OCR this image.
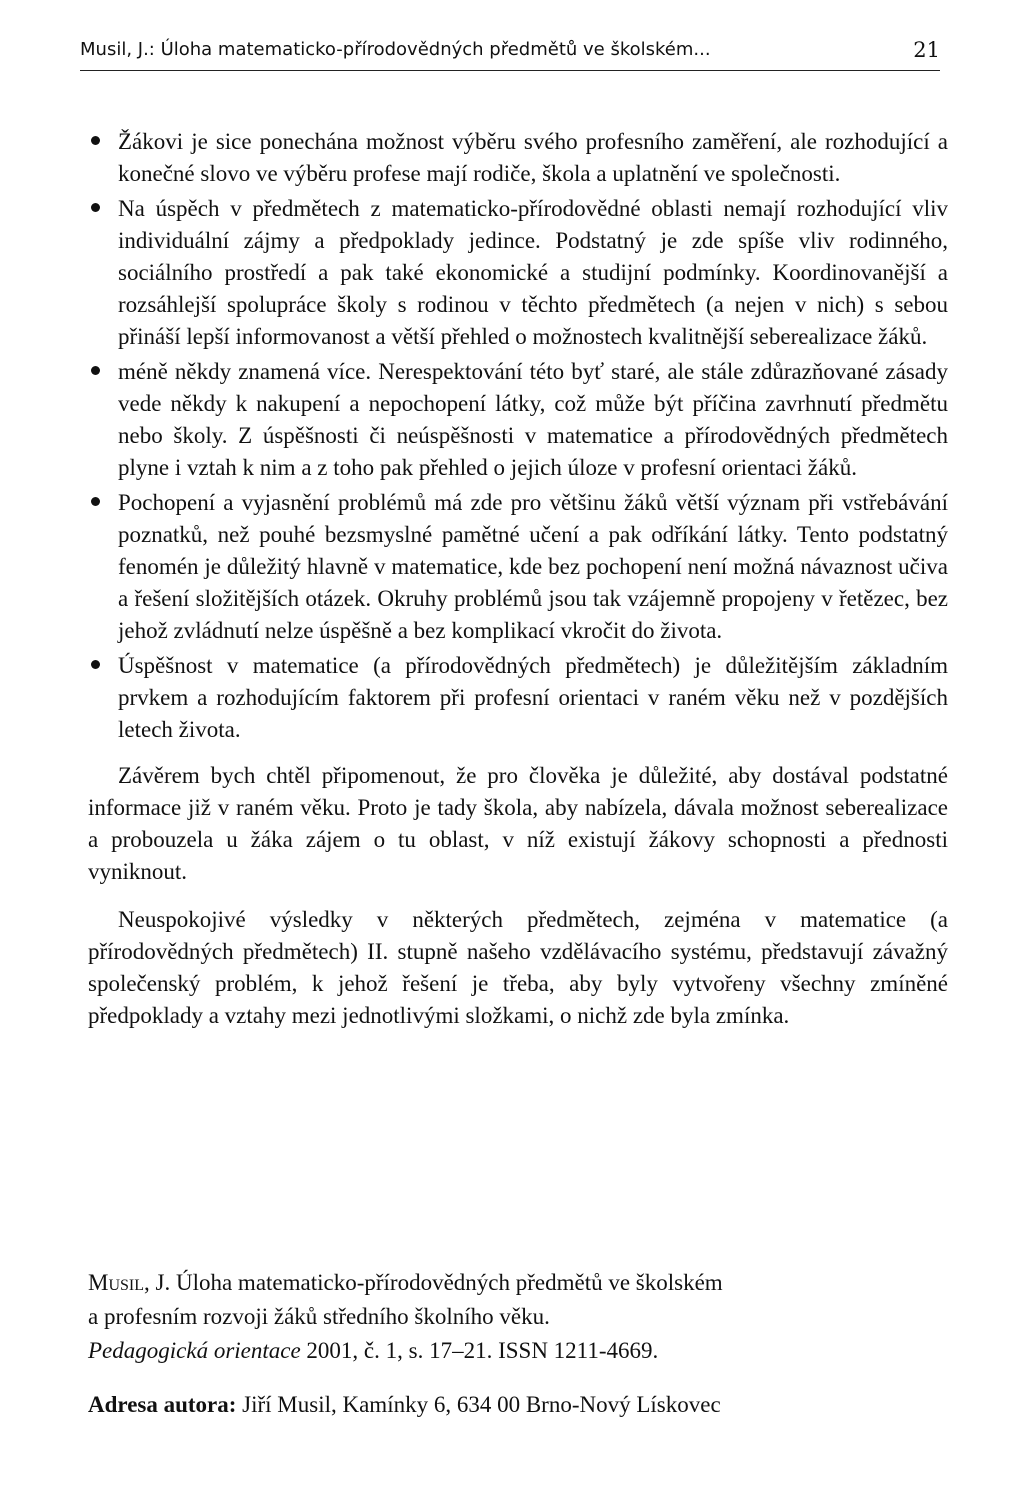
Musil, J.: Úloha matematicko-přírodovědných předmětů ve školském...	21
Žákovi je sice ponechána možnost výběru svého profesního zaměření, ale rozhodující a konečné slovo ve výběru profese mají rodiče, škola a uplatnění ve společnosti.
Na úspěch v předmětech z matematicko-přírodovědné oblasti nemají rozhodující vliv individuální zájmy a předpoklady jedince. Podstatný je zde spíše vliv rodinného, sociálního prostředí a pak také ekonomické a studijní podmínky. Koordinovanější a rozsáhlejší spolupráce školy s rodinou v těchto předmětech (a nejen v nich) s sebou přináší lepší informovanost a větší přehled o možnostech kvalitnější seberealizace žáků.
méně někdy znamená více. Nerespektování této byť staré, ale stále zdůrazňované zásady vede někdy k nakupení a nepochopení látky, což může být příčina zavrhnutí předmětu nebo školy. Z úspěšnosti či neúspěšnosti v matematice a přírodovědných předmětech plyne i vztah k nim a z toho pak přehled o jejich úloze v profesní orientaci žáků.
Pochopení a vyjasnění problémů má zde pro většinu žáků větší význam při vstřebávání poznatků, než pouhé bezsmyslné pamětné učení a pak odříkání látky. Tento podstatný fenomén je důležitý hlavně v matematice, kde bez pochopení není možná návaznost učiva a řešení složitějších otázek. Okruhy problémů jsou tak vzájemně propojeny v řetězec, bez jehož zvládnutí nelze úspěšně a bez komplikací vkročit do života.
Úspěšnost v matematice (a přírodovědných předmětech) je důležitějším základním prvkem a rozhodujícím faktorem při profesní orientaci v raném věku než v pozdějších letech života.

Závěrem bych chtěl připomenout, že pro člověka je důležité, aby dostával podstatné informace již v raném věku. Proto je tady škola, aby nabízela, dávala možnost seberealizace a probouzela u žáka zájem o tu oblast, v níž existují žákovy schopnosti a přednosti vyniknout.

Neuspokojivé výsledky v některých předmětech, zejména v matematice (a přírodovědných předmětech) II. stupně našeho vzdělávacího systému, představují závažný společenský problém, k jehož řešení je třeba, aby byly vytvořeny všechny zmíněné předpoklady a vztahy mezi jednotlivými složkami, o nichž zde byla zmínka.

Musil, J. Úloha matematicko-přírodovědných předmětů ve školském

a profesním rozvoji žáků středního školního věku.

Pedagogická orientace 2001, č. 1, s. 17–21. ISSN 1211-4669.

Adresa autora: Jiří Musil, Kamínky 6, 634 00 Brno-Nový Lískovec
